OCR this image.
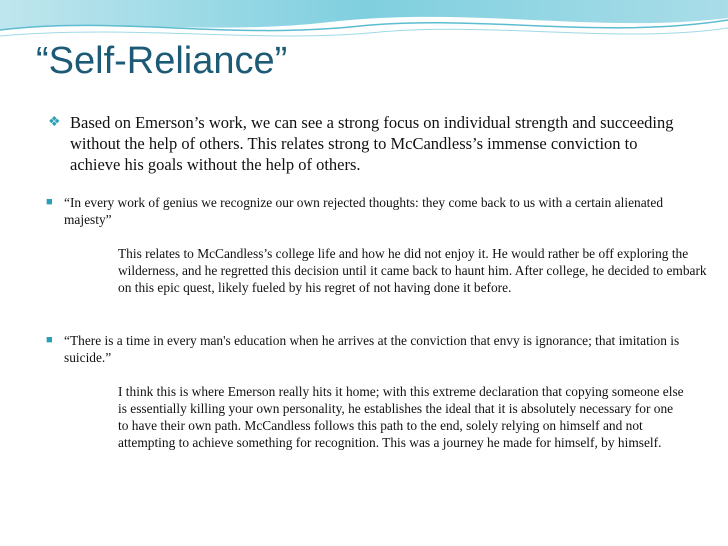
“Self-Reliance”
❖ Based on Emerson’s work, we can see a strong focus on individual strength and succeeding without the help of others. This relates strong to McCandless’s immense conviction to achieve his goals without the help of others.
■ “In every work of genius we recognize our own rejected thoughts: they come back to us with a certain alienated majesty”
This relates to McCandless’s college life and how he did not enjoy it. He would rather be off exploring the wilderness, and he regretted this decision until it came back to haunt him. After college, he decided to embark on this epic quest, likely fueled by his regret of not having done it before.
■ “There is a time in every man's education when he arrives at the conviction that envy is ignorance; that imitation is suicide.”
I think this is where Emerson really hits it home; with this extreme declaration that copying someone else is essentially killing your own personality, he establishes the ideal that it is absolutely necessary for one to have their own path. McCandless follows this path to the end, solely relying on himself and not attempting to achieve something for recognition. This was a journey he made for himself, by himself.
